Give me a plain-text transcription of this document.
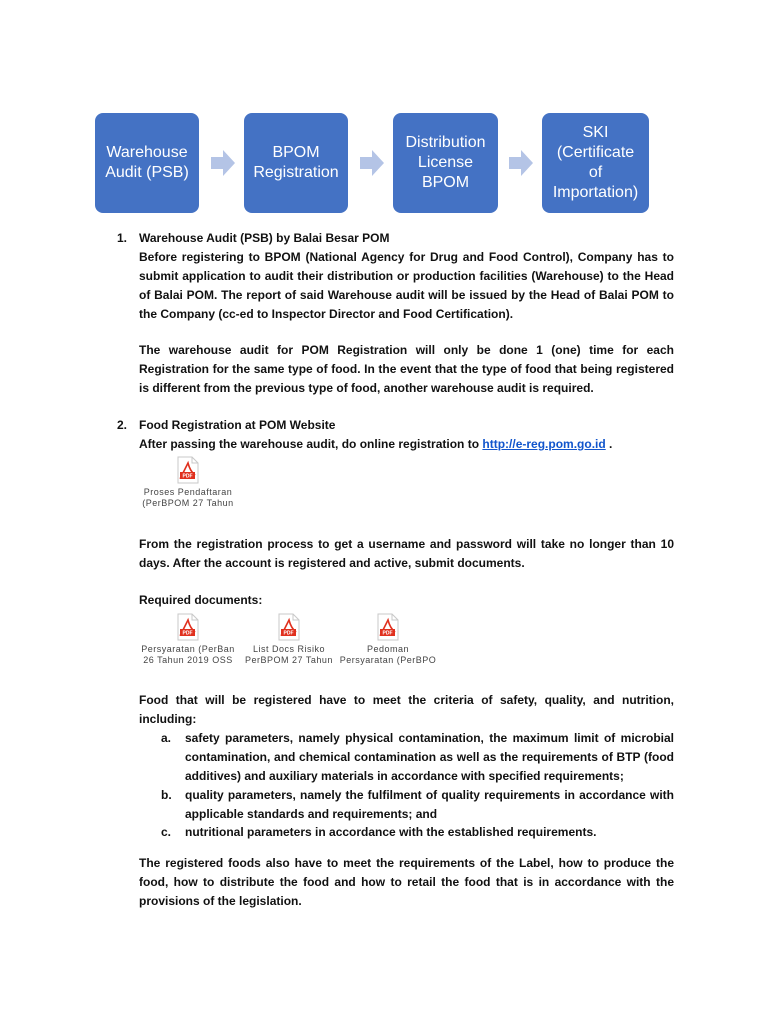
Warehouse
Audit (PSB)
BPOM
Registration
Distribution
License
BPOM
SKI
(Certificate
of
Importation)
1. Warehouse Audit (PSB) by Balai Besar POM
Before registering to BPOM (National Agency for Drug and Food Control), Company has to submit application to audit their distribution or production facilities (Warehouse) to the Head of Balai POM. The report of said Warehouse audit will be issued by the Head of Balai POM to the Company (cc-ed to Inspector Director and Food Certification).
The warehouse audit for POM Registration will only be done 1 (one) time for each Registration for the same type of food. In the event that the type of food that being registered is different from the previous type of food, another warehouse audit is required.
2. Food Registration at POM Website
After passing the warehouse audit, do online registration to http://e-reg.pom.go.id .
PDF
Proses Pendaftaran
(PerBPOM 27 Tahun
From the registration process to get a username and password will take no longer than 10 days. After the account is registered and active, submit documents.
Required documents:
PDF
Persyaratan (PerBan
26 Tahun 2019 OSS
PDF
List Docs Risiko
PerBPOM 27 Tahun
PDF
Pedoman
Persyaratan (PerBPO
Food that will be registered have to meet the criteria of safety, quality, and nutrition, including:
a. safety parameters, namely physical contamination, the maximum limit of microbial contamination, and chemical contamination as well as the requirements of BTP (food additives) and auxiliary materials in accordance with specified requirements;
b. quality parameters, namely the fulfilment of quality requirements in accordance with applicable standards and requirements; and
c. nutritional parameters in accordance with the established requirements.
The registered foods also have to meet the requirements of the Label, how to produce the food, how to distribute the food and how to retail the food that is in accordance with the provisions of the legislation.
